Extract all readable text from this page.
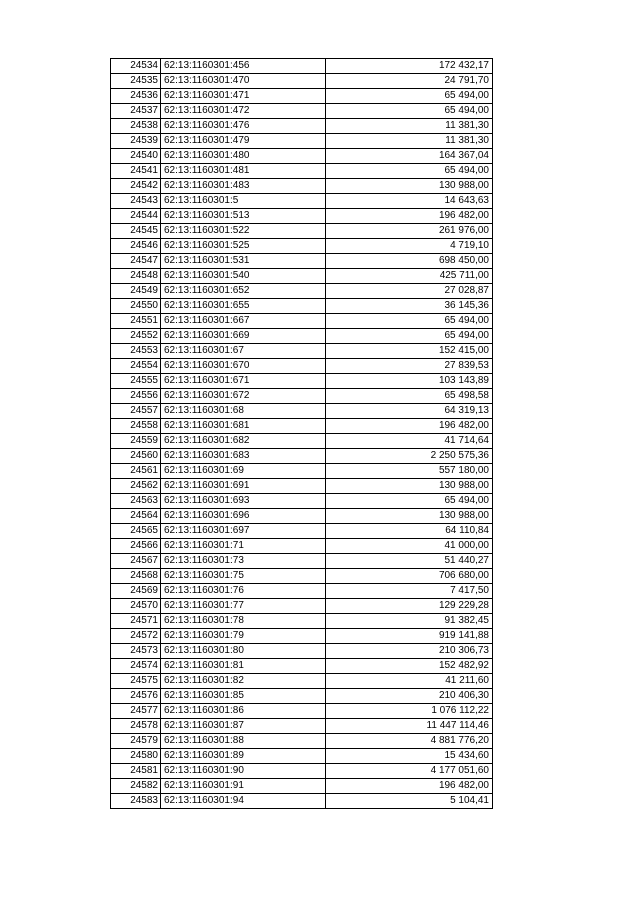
24534	62:13:1160301:456	172 432,17
24535	62:13:1160301:470	24 791,70
24536	62:13:1160301:471	65 494,00
24537	62:13:1160301:472	65 494,00
24538	62:13:1160301:476	11 381,30
24539	62:13:1160301:479	11 381,30
24540	62:13:1160301:480	164 367,04
24541	62:13:1160301:481	65 494,00
24542	62:13:1160301:483	130 988,00
24543	62:13:1160301:5	14 643,63
24544	62:13:1160301:513	196 482,00
24545	62:13:1160301:522	261 976,00
24546	62:13:1160301:525	4 719,10
24547	62:13:1160301:531	698 450,00
24548	62:13:1160301:540	425 711,00
24549	62:13:1160301:652	27 028,87
24550	62:13:1160301:655	36 145,36
24551	62:13:1160301:667	65 494,00
24552	62:13:1160301:669	65 494,00
24553	62:13:1160301:67	152 415,00
24554	62:13:1160301:670	27 839,53
24555	62:13:1160301:671	103 143,89
24556	62:13:1160301:672	65 498,58
24557	62:13:1160301:68	64 319,13
24558	62:13:1160301:681	196 482,00
24559	62:13:1160301:682	41 714,64
24560	62:13:1160301:683	2 250 575,36
24561	62:13:1160301:69	557 180,00
24562	62:13:1160301:691	130 988,00
24563	62:13:1160301:693	65 494,00
24564	62:13:1160301:696	130 988,00
24565	62:13:1160301:697	64 110,84
24566	62:13:1160301:71	41 000,00
24567	62:13:1160301:73	51 440,27
24568	62:13:1160301:75	706 680,00
24569	62:13:1160301:76	7 417,50
24570	62:13:1160301:77	129 229,28
24571	62:13:1160301:78	91 382,45
24572	62:13:1160301:79	919 141,88
24573	62:13:1160301:80	210 306,73
24574	62:13:1160301:81	152 482,92
24575	62:13:1160301:82	41 211,60
24576	62:13:1160301:85	210 406,30
24577	62:13:1160301:86	1 076 112,22
24578	62:13:1160301:87	11 447 114,46
24579	62:13:1160301:88	4 881 776,20
24580	62:13:1160301:89	15 434,60
24581	62:13:1160301:90	4 177 051,60
24582	62:13:1160301:91	196 482,00
24583	62:13:1160301:94	5 104,41
